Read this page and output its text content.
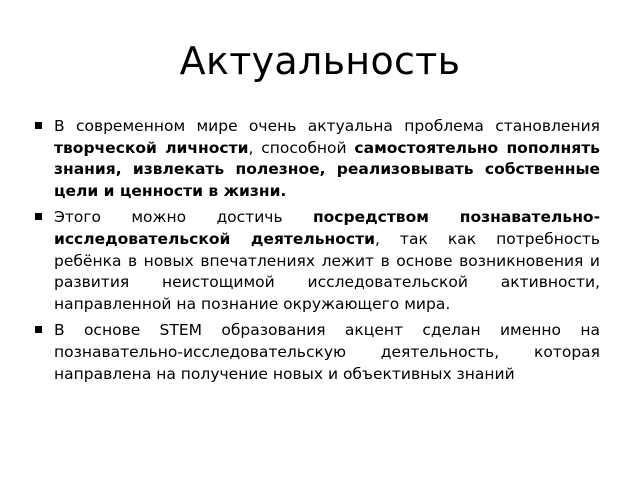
Актуальность
В современном мире очень актуальна проблема становления творческой личности, способной самостоятельно пополнять знания, извлекать полезное, реализовывать собственные цели и ценности в жизни.
Этого можно достичь посредством познавательно-исследовательской деятельности, так как потребность ребёнка в новых впечатлениях лежит в основе возникновения и развития неистощимой исследовательской активности, направленной на познание окружающего мира.
В основе STEM образования акцент сделан именно на познавательно-исследовательскую деятельность, которая направлена на получение новых и объективных знаний
